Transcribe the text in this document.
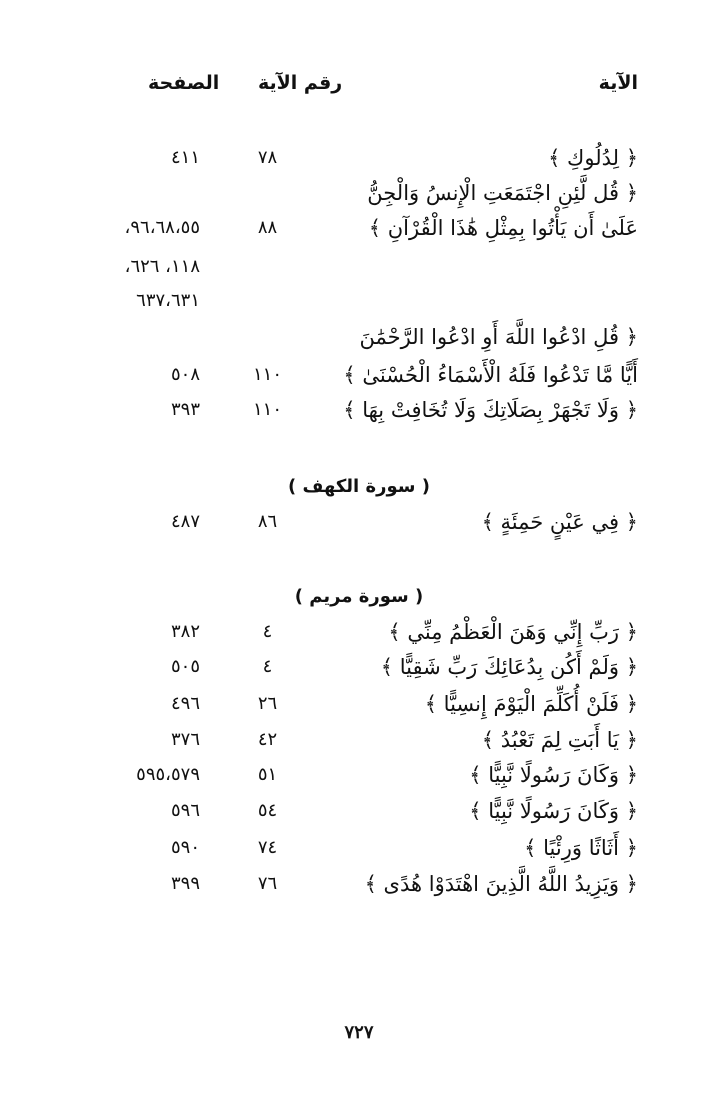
الآية
رقم الآية
الصفحة
﴿ لِدُلُوكِ ﴾
٧٨
٤١١
﴿ قُل لَّئِنِ اجْتَمَعَتِ الْإِنسُ وَالْجِنُّ
عَلَىٰ أَن يَأْتُوا بِمِثْلِ هَٰذَا الْقُرْآنِ ﴾
٨٨
٩٦،٦٨،٥٥،
١١٨، ٦٢٦،
٦٣٧،٦٣١
﴿ قُلِ ادْعُوا اللَّهَ أَوِ ادْعُوا الرَّحْمَٰنَ
أَيًّا مَّا تَدْعُوا فَلَهُ الْأَسْمَاءُ الْحُسْنَىٰ ﴾
١١٠
٥٠٨
﴿ وَلَا تَجْهَرْ بِصَلَاتِكَ وَلَا تُخَافِتْ بِهَا ﴾
١١٠
٣٩٣
( سورة الكهف )
﴿ فِي عَيْنٍ حَمِئَةٍ ﴾
٨٦
٤٨٧
( سورة مريم )
﴿ رَبِّ إِنِّي وَهَنَ الْعَظْمُ مِنِّي ﴾
٤
٣٨٢
﴿ وَلَمْ أَكُن بِدُعَائِكَ رَبِّ شَقِيًّا ﴾
٤
٥٠٥
﴿ فَلَنْ أُكَلِّمَ الْيَوْمَ إِنسِيًّا ﴾
٢٦
٤٩٦
﴿ يَا أَبَتِ لِمَ تَعْبُدُ ﴾
٤٢
٣٧٦
﴿ وَكَانَ رَسُولًا نَّبِيًّا ﴾
٥١
٥٩٥،٥٧٩
﴿ وَكَانَ رَسُولًا نَّبِيًّا ﴾
٥٤
٥٩٦
﴿ أَثَاثًا وَرِئْيًا ﴾
٧٤
٥٩٠
﴿ وَيَزِيدُ اللَّهُ الَّذِينَ اهْتَدَوْا هُدًى ﴾
٧٦
٣٩٩
٧٢٧
